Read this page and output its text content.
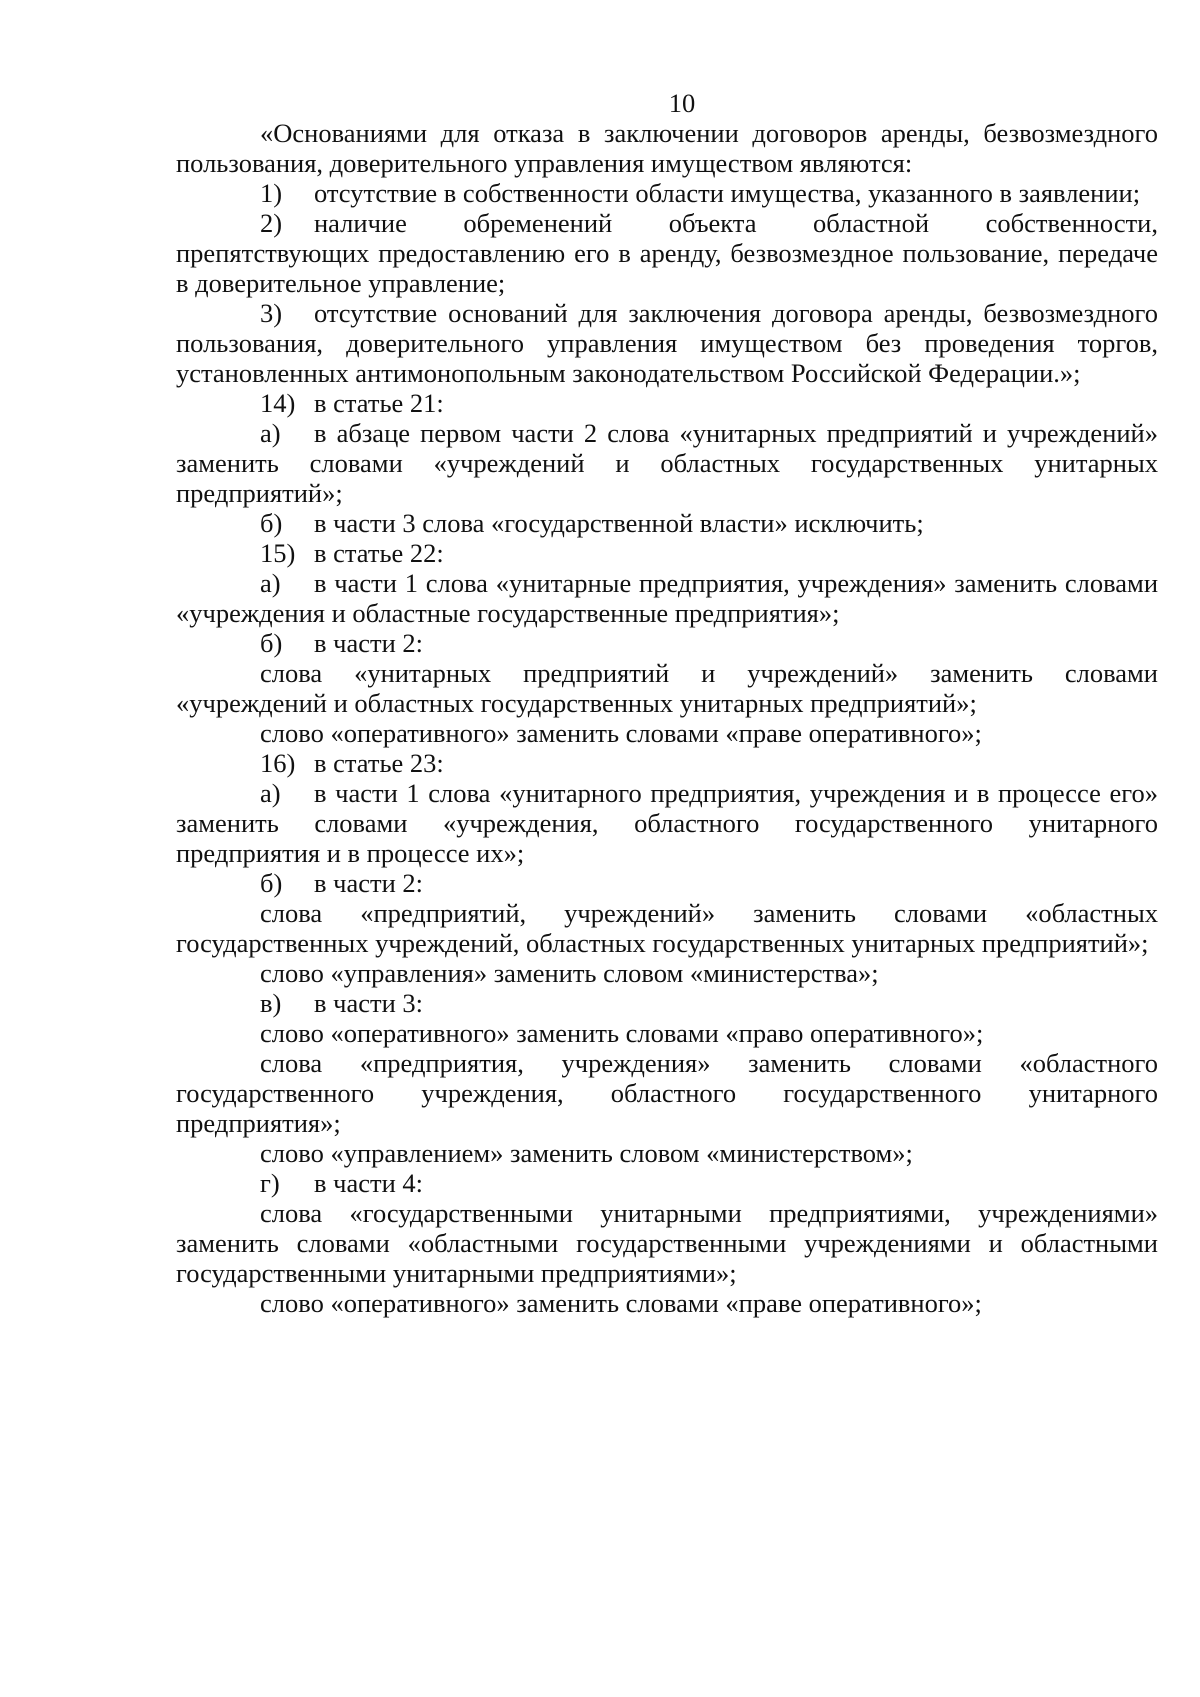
10

«Основаниями для отказа в заключении договоров аренды, безвозмездного пользования, доверительного управления имуществом являются:

1) отсутствие в собственности области имущества, указанного в заявлении;

2) наличие обременений объекта областной собственности, препятствующих предоставлению его в аренду, безвозмездное пользование, передаче в доверительное управление;

3) отсутствие оснований для заключения договора аренды, безвозмездного пользования, доверительного управления имуществом без проведения торгов, установленных антимонопольным законодательством Российской Федерации.»;

14) в статье 21:

а) в абзаце первом части 2 слова «унитарных предприятий и учреждений» заменить словами «учреждений и областных государственных унитарных предприятий»;

б) в части 3 слова «государственной власти» исключить;

15) в статье 22:

а) в части 1 слова «унитарные предприятия, учреждения» заменить словами «учреждения и областные государственные предприятия»;

б) в части 2:

слова «унитарных предприятий и учреждений» заменить словами «учреждений и областных государственных унитарных предприятий»;

слово «оперативного» заменить словами «праве оперативного»;

16) в статье 23:

а) в части 1 слова «унитарного предприятия, учреждения и в процессе его» заменить словами «учреждения, областного государственного унитарного предприятия и в процессе их»;

б) в части 2:

слова «предприятий, учреждений» заменить словами «областных государственных учреждений, областных государственных унитарных предприятий»;

слово «управления» заменить словом «министерства»;

в) в части 3:

слово «оперативного» заменить словами «право оперативного»;

слова «предприятия, учреждения» заменить словами «областного государственного учреждения, областного государственного унитарного предприятия»;

слово «управлением» заменить словом «министерством»;

г) в части 4:

слова «государственными унитарными предприятиями, учреждениями» заменить словами «областными государственными учреждениями и областными государственными унитарными предприятиями»;

слово «оперативного» заменить словами «праве оперативного»;
